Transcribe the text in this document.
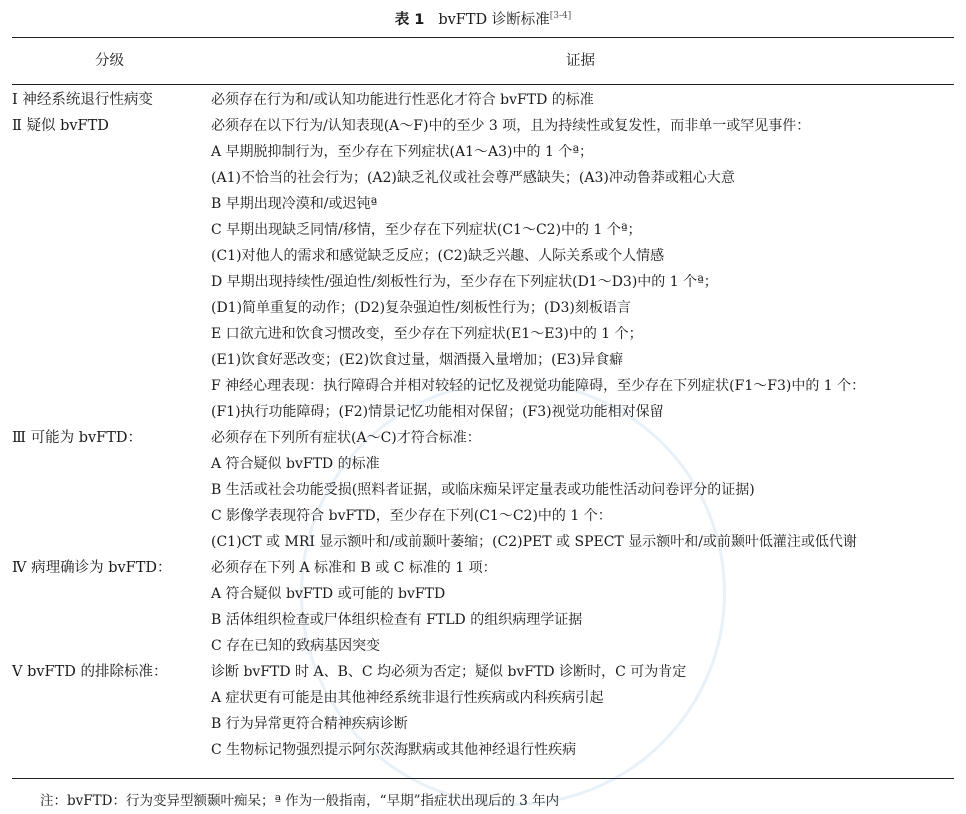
表 1 bvFTD 诊断标准[3-4]
分级	证据
Ⅰ 神经系统退行性病变	必须存在行为和/或认知功能进行性恶化才符合 bvFTD 的标准
Ⅱ 疑似 bvFTD	必须存在以下行为/认知表现(A～F)中的至少 3 项，且为持续性或复发性，而非单一或罕见事件：
A 早期脱抑制行为，至少存在下列症状(A1～A3)中的 1 个ª；
(A1)不恰当的社会行为；(A2)缺乏礼仪或社会尊严感缺失；(A3)冲动鲁莽或粗心大意
B 早期出现冷漠和/或迟钝ª
C 早期出现缺乏同情/移情，至少存在下列症状(C1～C2)中的 1 个ª；
(C1)对他人的需求和感觉缺乏反应；(C2)缺乏兴趣、人际关系或个人情感
D 早期出现持续性/强迫性/刻板性行为，至少存在下列症状(D1～D3)中的 1 个ª；
(D1)简单重复的动作；(D2)复杂强迫性/刻板性行为；(D3)刻板语言
E 口欲亢进和饮食习惯改变，至少存在下列症状(E1～E3)中的 1 个；
(E1)饮食好恶改变；(E2)饮食过量，烟酒摄入量增加；(E3)异食癖
F 神经心理表现：执行障碍合并相对较轻的记忆及视觉功能障碍，至少存在下列症状(F1～F3)中的 1 个：
(F1)执行功能障碍；(F2)情景记忆功能相对保留；(F3)视觉功能相对保留
Ⅲ 可能为 bvFTD：	必须存在下列所有症状(A～C)才符合标准：
A 符合疑似 bvFTD 的标准
B 生活或社会功能受损(照料者证据，或临床痴呆评定量表或功能性活动问卷评分的证据)
C 影像学表现符合 bvFTD，至少存在下列(C1～C2)中的 1 个：
(C1)CT 或 MRI 显示额叶和/或前颞叶萎缩；(C2)PET 或 SPECT 显示额叶和/或前颞叶低灌注或低代谢
Ⅳ 病理确诊为 bvFTD：	必须存在下列 A 标准和 B 或 C 标准的 1 项：
A 符合疑似 bvFTD 或可能的 bvFTD
B 活体组织检查或尸体组织检查有 FTLD 的组织病理学证据
C 存在已知的致病基因突变
Ⅴ bvFTD 的排除标准：	诊断 bvFTD 时 A、B、C 均必须为否定；疑似 bvFTD 诊断时，C 可为肯定
A 症状更有可能是由其他神经系统非退行性疾病或内科疾病引起
B 行为异常更符合精神疾病诊断
C 生物标记物强烈提示阿尔茨海默病或其他神经退行性疾病
注：bvFTD：行为变异型额颞叶痴呆；ª 作为一般指南，“早期”指症状出现后的 3 年内
